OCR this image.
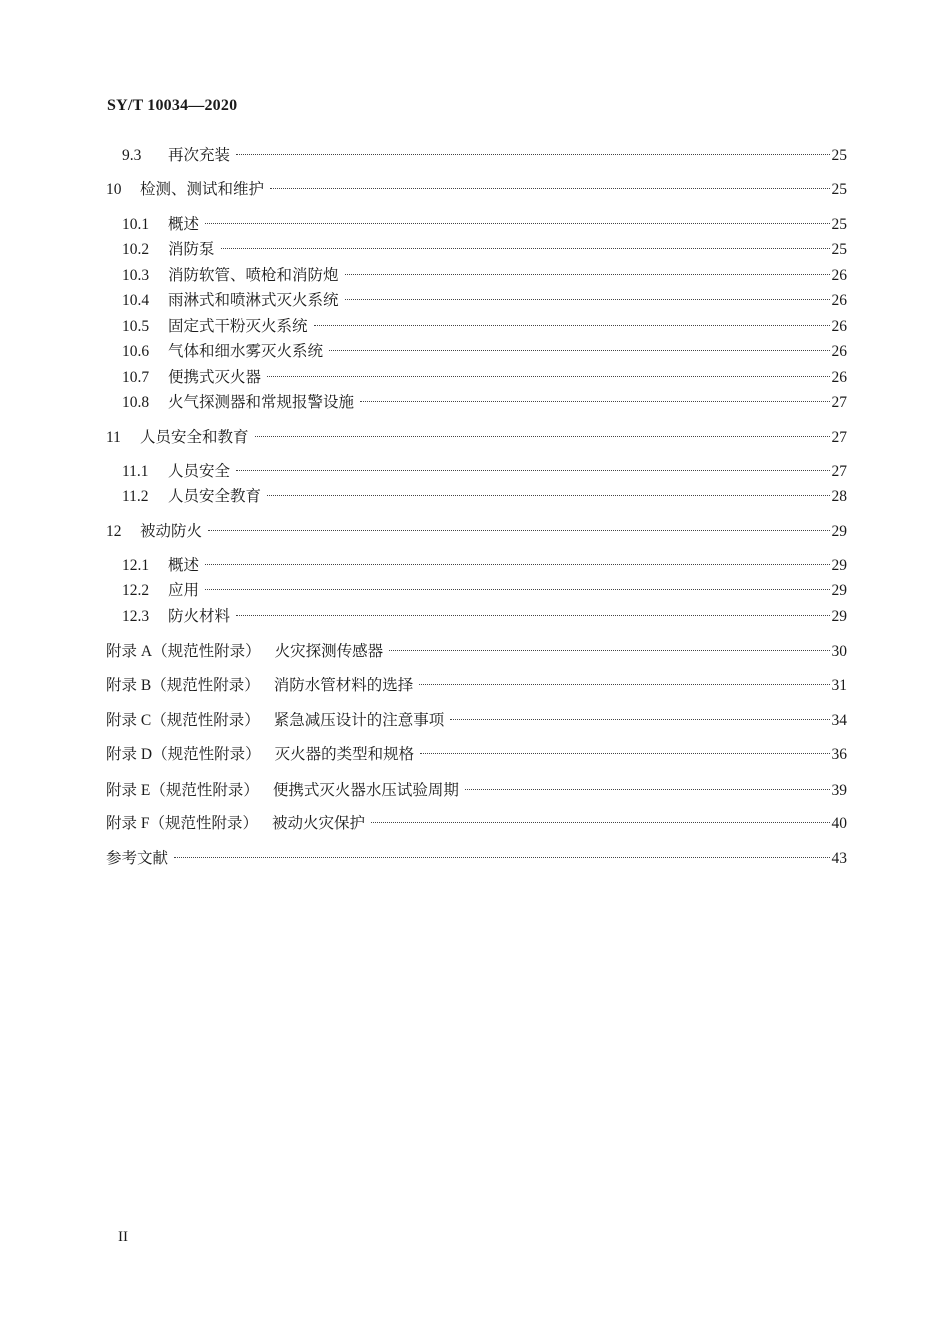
SY/T 10034—2020
9.3	再次充装	25
10	检测、测试和维护	25
10.1	概述	25
10.2	消防泵	25
10.3	消防软管、喷枪和消防炮	26
10.4	雨淋式和喷淋式灭火系统	26
10.5	固定式干粉灭火系统	26
10.6	气体和细水雾灭火系统	26
10.7	便携式灭火器	26
10.8	火气探测器和常规报警设施	27
11	人员安全和教育	27
11.1	人员安全	27
11.2	人员安全教育	28
12	被动防火	29
12.1	概述	29
12.2	应用	29
12.3	防火材料	29
附录 A（规范性附录） 火灾探测传感器	30
附录 B（规范性附录） 消防水管材料的选择	31
附录 C（规范性附录） 紧急减压设计的注意事项	34
附录 D（规范性附录） 灭火器的类型和规格	36
附录 E（规范性附录） 便携式灭火器水压试验周期	39
附录 F（规范性附录） 被动火灾保护	40
参考文献	43
II
